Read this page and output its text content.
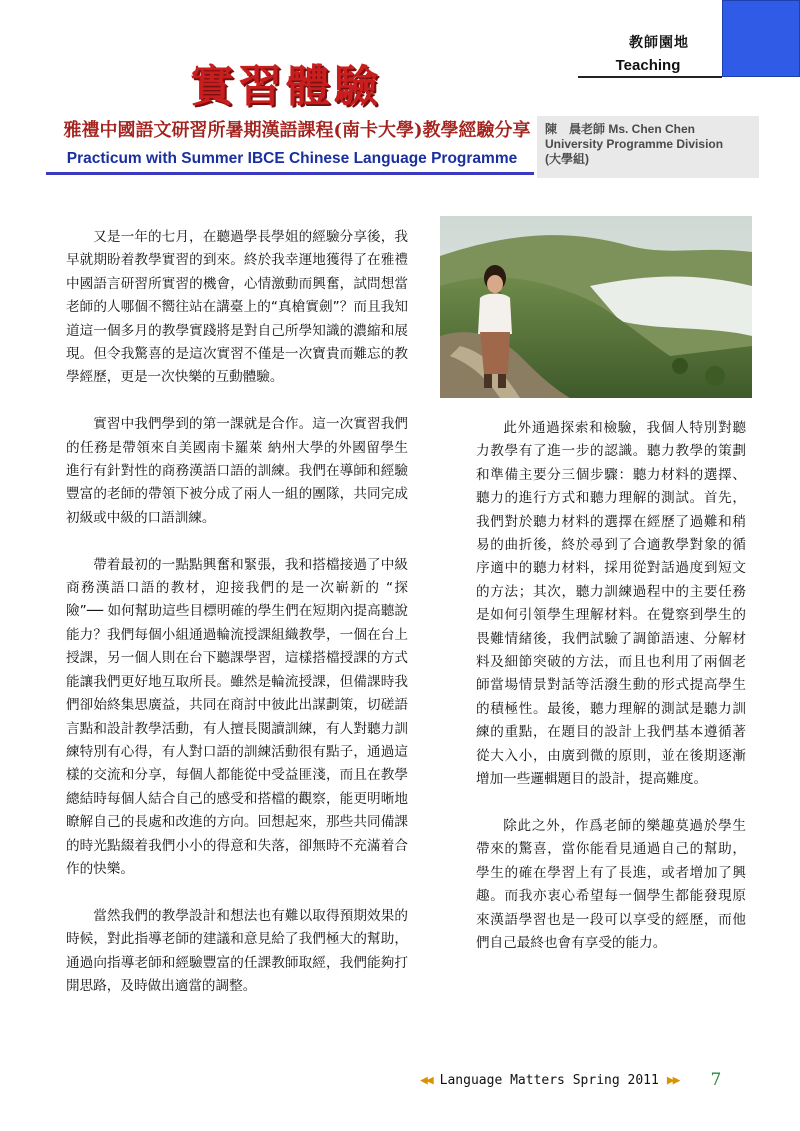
教師園地
Teaching
實習體驗
雅禮中國語文研習所暑期漢語課程(南卡大學)教學經驗分享
Practicum with Summer IBCE Chinese Language Programme
陳　晨老師 Ms. Chen Chen
University Programme Division
(大學組)

又是一年的七月，在聽過學長學姐的經驗分享後，我早就期盼着教學實習的到來。終於我幸運地獲得了在雅禮中國語言研習所實習的機會，心情激動而興奮，試問想當老師的人哪個不嚮往站在講臺上的“真槍實劍”？而且我知道這一個多月的教學實踐將是對自己所學知識的濃縮和展現。但令我驚喜的是這次實習不僅是一次寶貴而難忘的教學經歷，更是一次快樂的互動體驗。

實習中我們學到的第一課就是合作。這一次實習我們的任務是帶領來自美國南卡羅萊 納州大學的外國留學生進行有針對性的商務漢語口語的訓練。我們在導師和經驗豐富的老師的帶領下被分成了兩人一組的團隊，共同完成初級或中級的口語訓練。

帶着最初的一點點興奮和緊張，我和搭檔接過了中級商務漢語口語的教材，迎接我們的是一次嶄新的 “探險”── 如何幫助這些目標明確的學生們在短期內提高聽說能力？我們每個小組通過輪流授課組織教學，一個在台上授課，另一個人則在台下聽課學習，這樣搭檔授課的方式能讓我們更好地互取所長。雖然是輪流授課，但備課時我們卻始終集思廣益，共同在商討中彼此出謀劃策，切磋語言點和設計教學活動，有人擅長閱讀訓練，有人對聽力訓練特別有心得，有人對口語的訓練活動很有點子，通過這樣的交流和分享，每個人都能從中受益匪淺，而且在教學總結時每個人結合自己的感受和搭檔的觀察，能更明晰地瞭解自己的長處和改進的方向。回想起來，那些共同備課的時光點綴着我們小小的得意和失落，卻無時不充滿着合作的快樂。

當然我們的教學設計和想法也有難以取得預期效果的時候，對此指導老師的建議和意見給了我們極大的幫助，通過向指導老師和經驗豐富的任課教師取經，我們能夠打開思路，及時做出適當的調整。

此外通過探索和檢驗，我個人特別對聽力教學有了進一步的認識。聽力教學的策劃和準備主要分三個步驟：聽力材料的選擇、聽力的進行方式和聽力理解的測試。首先，我們對於聽力材料的選擇在經歷了過難和稍易的曲折後，終於尋到了合適教學對象的循序適中的聽力材料，採用從對話過度到短文的方法；其次，聽力訓練過程中的主要任務是如何引領學生理解材料。在覺察到學生的畏難情緒後，我們試驗了調節語速、分解材料及細節突破的方法，而且也利用了兩個老師當場情景對話等活潑生動的形式提高學生的積極性。最後，聽力理解的測試是聽力訓練的重點，在題目的設計上我們基本遵循著從大入小，由廣到微的原則，並在後期逐漸增加一些邏輯題目的設計，提高難度。

除此之外，作爲老師的樂趣莫過於學生帶來的驚喜，當你能看見通過自己的幫助，學生的確在學習上有了長進，或者增加了興趣。而我亦衷心希望每一個學生都能發現原來漢語學習也是一段可以享受的經歷，而他們自己最終也會有享受的能力。

◀◀ Language Matters Spring 2011 ▶▶ 7
